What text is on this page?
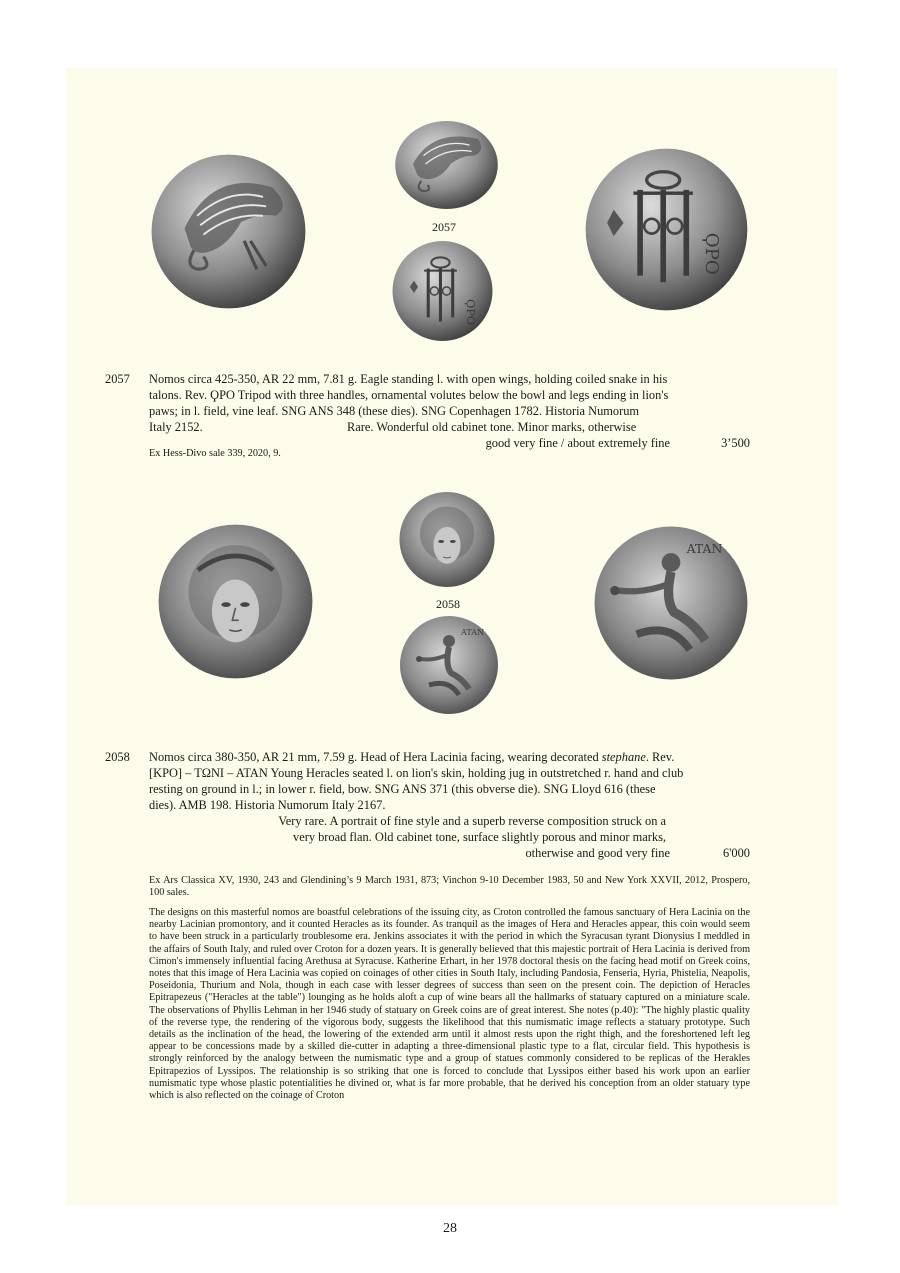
2057
ϘPO
ϘPO
2057 Nomos circa 425-350, AR 22 mm, 7.81 g. Eagle standing l. with open wings, holding coiled snake in his
talons. Rev. ϘPO Tripod with three handles, ornamental volutes below the bowl and legs ending in lion's
paws; in l. field, vine leaf. SNG ANS 348 (these dies). SNG Copenhagen 1782. Historia Numorum
Italy 2152.	Rare. Wonderful old cabinet tone. Minor marks, otherwise
good very fine / about extremely fine	3’500
Ex Hess-Divo sale 339, 2020, 9.
2058
ATAN
ATAN
2058 Nomos circa 380-350, AR 21 mm, 7.59 g. Head of Hera Lacinia facing, wearing decorated stephane. Rev.
[KPO] – TΩNI – ATAN Young Heracles seated l. on lion's skin, holding jug in outstretched r. hand and club
resting on ground in l.; in lower r. field, bow. SNG ANS 371 (this obverse die). SNG Lloyd 616 (these
dies). AMB 198. Historia Numorum Italy 2167.
Very rare. A portrait of fine style and a superb reverse composition struck on a
very broad flan. Old cabinet tone, surface slightly porous and minor marks,
otherwise and good very fine	6'000
Ex Ars Classica XV, 1930, 243 and Glendining’s 9 March 1931, 873; Vinchon 9-10 December 1983, 50 and New York XXVII, 2012, Prospero, 100 sales.
The designs on this masterful nomos are boastful celebrations of the issuing city, as Croton controlled the famous sanctuary of Hera Lacinia on the nearby Lacinian promontory, and it counted Heracles as its founder. As tranquil as the images of Hera and Heracles appear, this coin would seem to have been struck in a particularly troublesome era. Jenkins associates it with the period in which the Syracusan tyrant Dionysius I meddled in the affairs of South Italy, and ruled over Croton for a dozen years. It is generally believed that this majestic portrait of Hera Lacinia is derived from Cimon's immensely influential facing Arethusa at Syracuse. Katherine Erhart, in her 1978 doctoral thesis on the facing head motif on Greek coins, notes that this image of Hera Lacinia was copied on coinages of other cities in South Italy, including Pandosia, Fenseria, Hyria, Phistelia, Neapolis, Poseidonia, Thurium and Nola, though in each case with lesser degrees of success than seen on the present coin. The depiction of Heracles Epitrapezeus ("Heracles at the table") lounging as he holds aloft a cup of wine bears all the hallmarks of statuary captured on a miniature scale. The observations of Phyllis Lehman in her 1946 study of statuary on Greek coins are of great interest. She notes (p.40): "The highly plastic quality of the reverse type, the rendering of the vigorous body, suggests the likelihood that this numismatic image reflects a statuary prototype. Such details as the inclination of the head, the lowering of the extended arm until it almost rests upon the right thigh, and the foreshortened left leg appear to be concessions made by a skilled die-cutter in adapting a three-dimensional plastic type to a flat, circular field. This hypothesis is strongly reinforced by the analogy between the numismatic type and a group of statues commonly considered to be replicas of the Herakles Epitrapezios of Lyssipos. The relationship is so striking that one is forced to conclude that Lyssipos either based his work upon an earlier numismatic type whose plastic potentialities he divined or, what is far more probable, that he derived his conception from an older statuary type which is also reflected on the coinage of Croton
28
